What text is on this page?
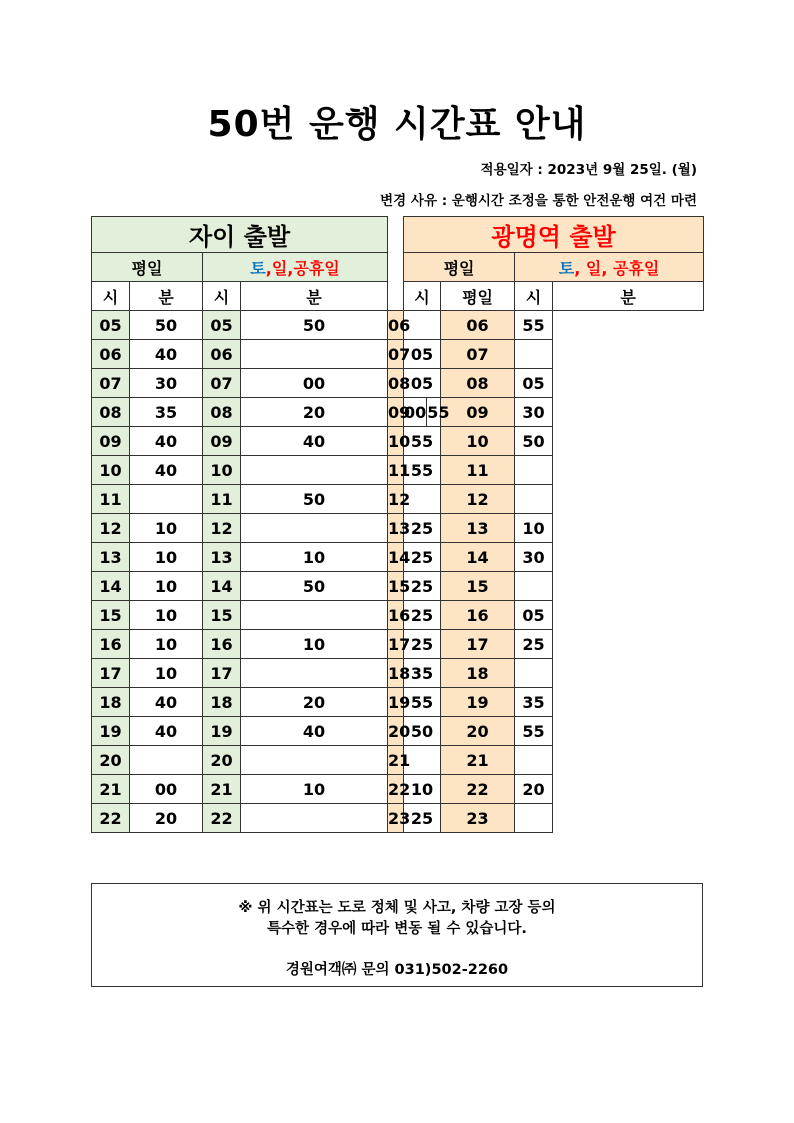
50번 운행 시간표 안내
적용일자 : 2023년 9월 25일. (월)
변경 사유 : 운행시간 조정을 통한 안전운행 여건 마련
자이 출발					광명역 출발			
평일		토,일,공휴일			평일		토, 일, 공휴일	
시	분	시	분		시	평일	시	분
05	50	05	50	06		06	55	
06	40	06		07	05	07		
07	30	07	00	08	05	08	05	
08	35	08	20	09	00 55	09	30	
09	40	09	40	10	55	10	50	
10	40	10		11	55	11		
11		11	50	12		12		
12	10	12		13	25	13	10	
13	10	13	10	14	25	14	30	
14	10	14	50	15	25	15		
15	10	15		16	25	16	05	
16	10	16	10	17	25	17	25	
17	10	17		18	35	18		
18	40	18	20	19	55	19	35	
19	40	19	40	20	50	20	55	
20		20		21		21		
21	00	21	10	22	10	22	20	
22	20	22		23	25	23		
※ 위 시간표는 도로 정체 및 사고, 차량 고장 등의
특수한 경우에 따라 변동 될 수 있습니다.
경원여객㈜ 문의 031)502-2260
